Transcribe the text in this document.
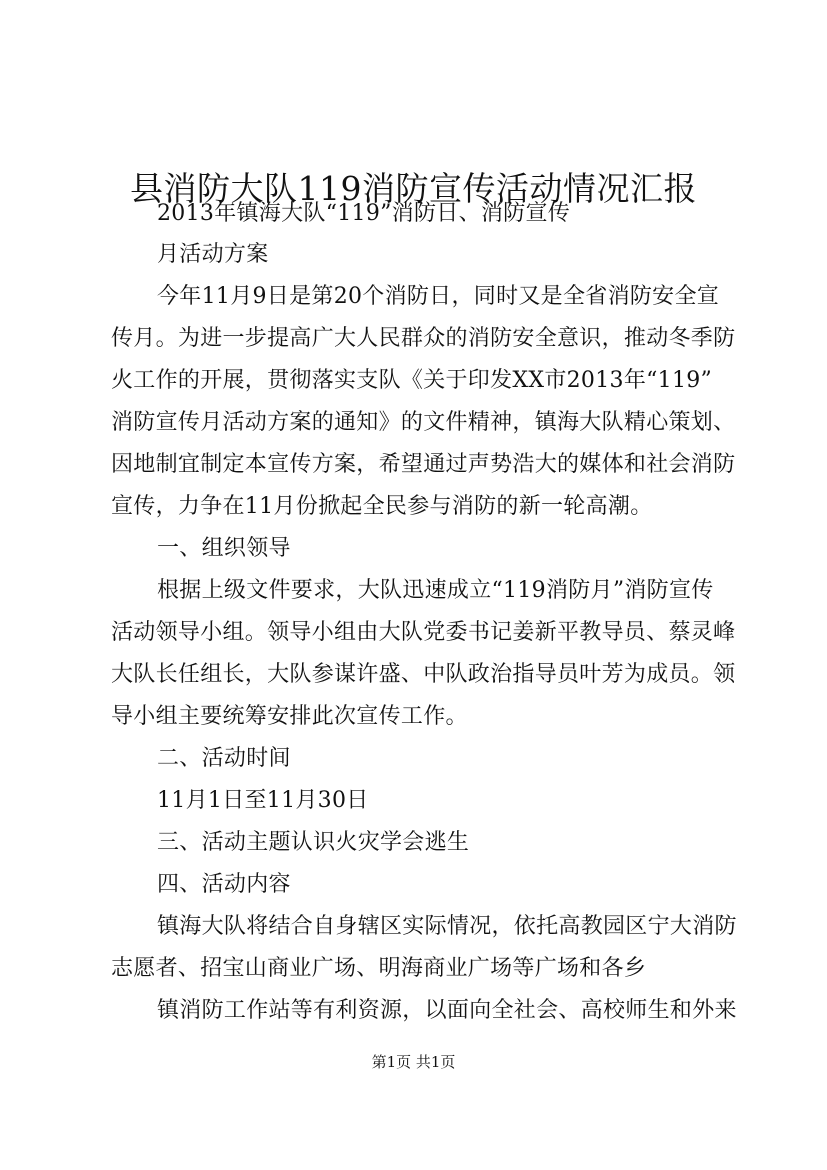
县消防大队119消防宣传活动情况汇报
2013年镇海大队“119”消防日、消防宣传
月活动方案
今年11月9日是第20个消防日，同时又是全省消防安全宣
传月。为进一步提高广大人民群众的消防安全意识，推动冬季防
火工作的开展，贯彻落实支队《关于印发XX市2013年“119”
消防宣传月活动方案的通知》的文件精神，镇海大队精心策划、
因地制宜制定本宣传方案，希望通过声势浩大的媒体和社会消防
宣传，力争在11月份掀起全民参与消防的新一轮高潮。
一、组织领导
根据上级文件要求，大队迅速成立“119消防月”消防宣传
活动领导小组。领导小组由大队党委书记姜新平教导员、蔡灵峰
大队长任组长，大队参谋许盛、中队政治指导员叶芳为成员。领
导小组主要统筹安排此次宣传工作。
二、活动时间
11月1日至11月30日
三、活动主题认识火灾学会逃生
四、活动内容
镇海大队将结合自身辖区实际情况，依托高教园区宁大消防
志愿者、招宝山商业广场、明海商业广场等广场和各乡
镇消防工作站等有利资源，以面向全社会、高校师生和外来
第1页 共1页
